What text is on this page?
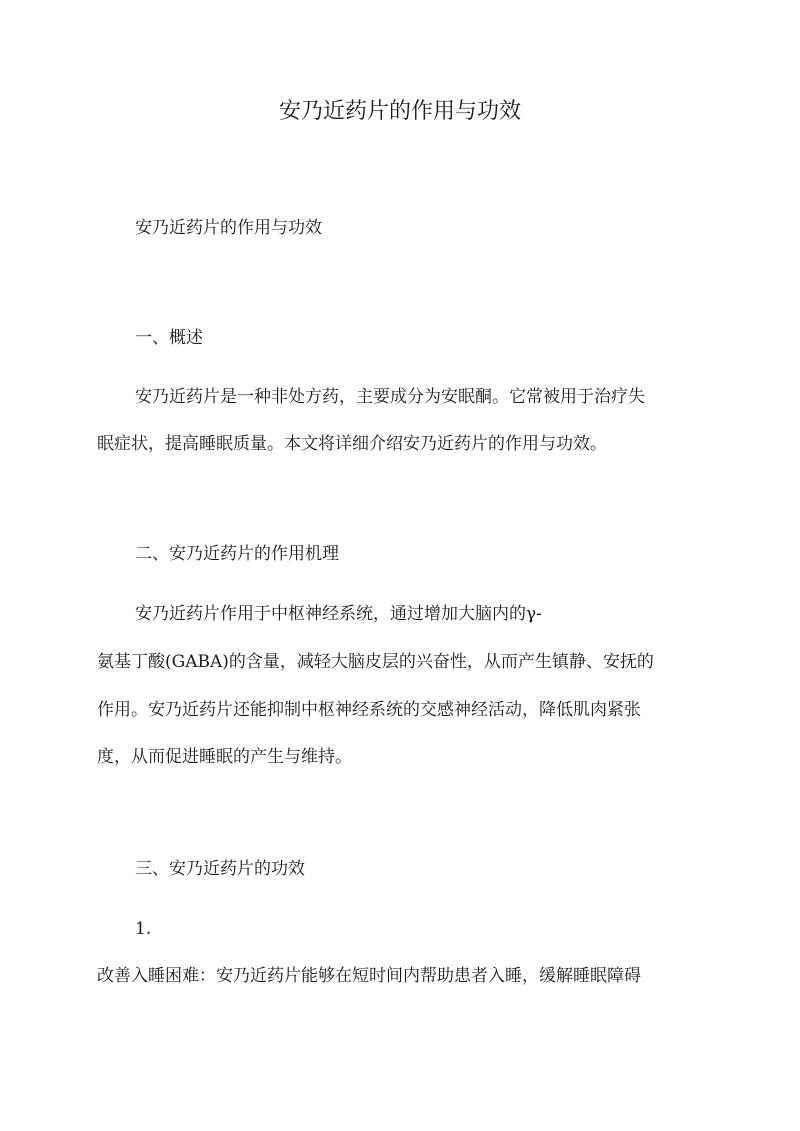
安乃近药片的作用与功效

安乃近药片的作用与功效

一、概述

安乃近药片是一种非处方药，主要成分为安眠酮。它常被用于治疗失

眠症状，提高睡眠质量。本文将详细介绍安乃近药片的作用与功效。

二、安乃近药片的作用机理

安乃近药片作用于中枢神经系统，通过增加大脑内的γ-

氨基丁酸(GABA)的含量，减轻大脑皮层的兴奋性，从而产生镇静、安抚的

作用。安乃近药片还能抑制中枢神经系统的交感神经活动，降低肌肉紧张

度，从而促进睡眠的产生与维持。

三、安乃近药片的功效

1.

改善入睡困难：安乃近药片能够在短时间内帮助患者入睡，缓解睡眠障碍
